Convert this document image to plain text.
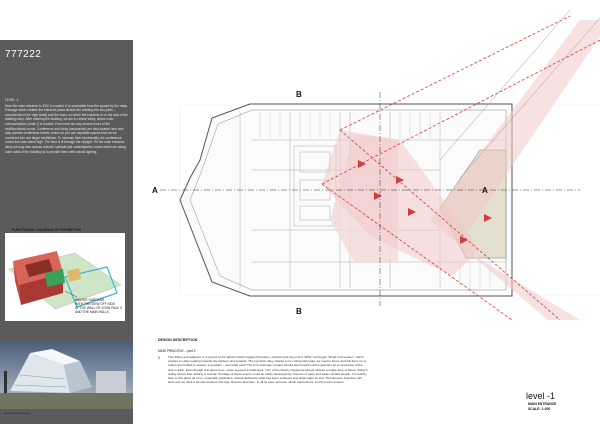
777222
LEVEL -1
Here the main entrance to ESC is located. It is accessible from the square by the ramp. Passage which creates the entrance plaza divides the building into two parts – commercial on the right (east) and the main, on which the entrance is on the axis of the walking ramp. After entering the building, we are in central lobby, where main communication (shaft 1) is located. From here we may access floors of the multifunctional rooms. Conference and lobby (mezzanine) are also located here and may operate conference events, which do you can separate spaces that can be combined into one larger exhibitions. To increase their functionality, the conference rooms line was raised high. The floor is lit through the skylight. On the main entrance lobby we may also access relaxed, spiritual and contemplative rooms which are along outer walls of the building as to provide them with natural lighting.
FUNCTIONAL DIAGRAM OF EXHIBITION
WINTER GARDENS
WITH THE VIEW OFF SIDE
AT THE WALL OF JOHN PAUL II
AND THE MAIN HALLS
view from camera 3
A	A
B
B
DESIGN DESCRIPTION
MAIN PRINCIPLE – part 3
3	This Place and adjacent is a symbol of 34 nations which regained freedom, should mark the end of "ESC" and begin "Road to Freedom", which creates an alley leading towards the harbour and seaside. The symbolic alley, thanks to its cutting will make our road to future and will force us to reflect and rethink to answer a question – and what now? The form that was created should ask himself such a question as a conclusion of the visit to ESC. Even though one alone here, some seemed a bottleneck. Turn of the history happened almost without a single drop of blood. Today's reality shows that nothing is eternal. Heritage of these events could be easily destroyed by violence of petty and weak-minded people. It is worthy then in this place all of us, especially politicians, should deliberate what has been achieved and what might be lost. This Road to Freedom still lasts and we think it should continue this way. Road to Freedom, in all its open process, which started here, but its end is unseen.
level -1
MAIN ENTRANCE
SCALE: 1:200
